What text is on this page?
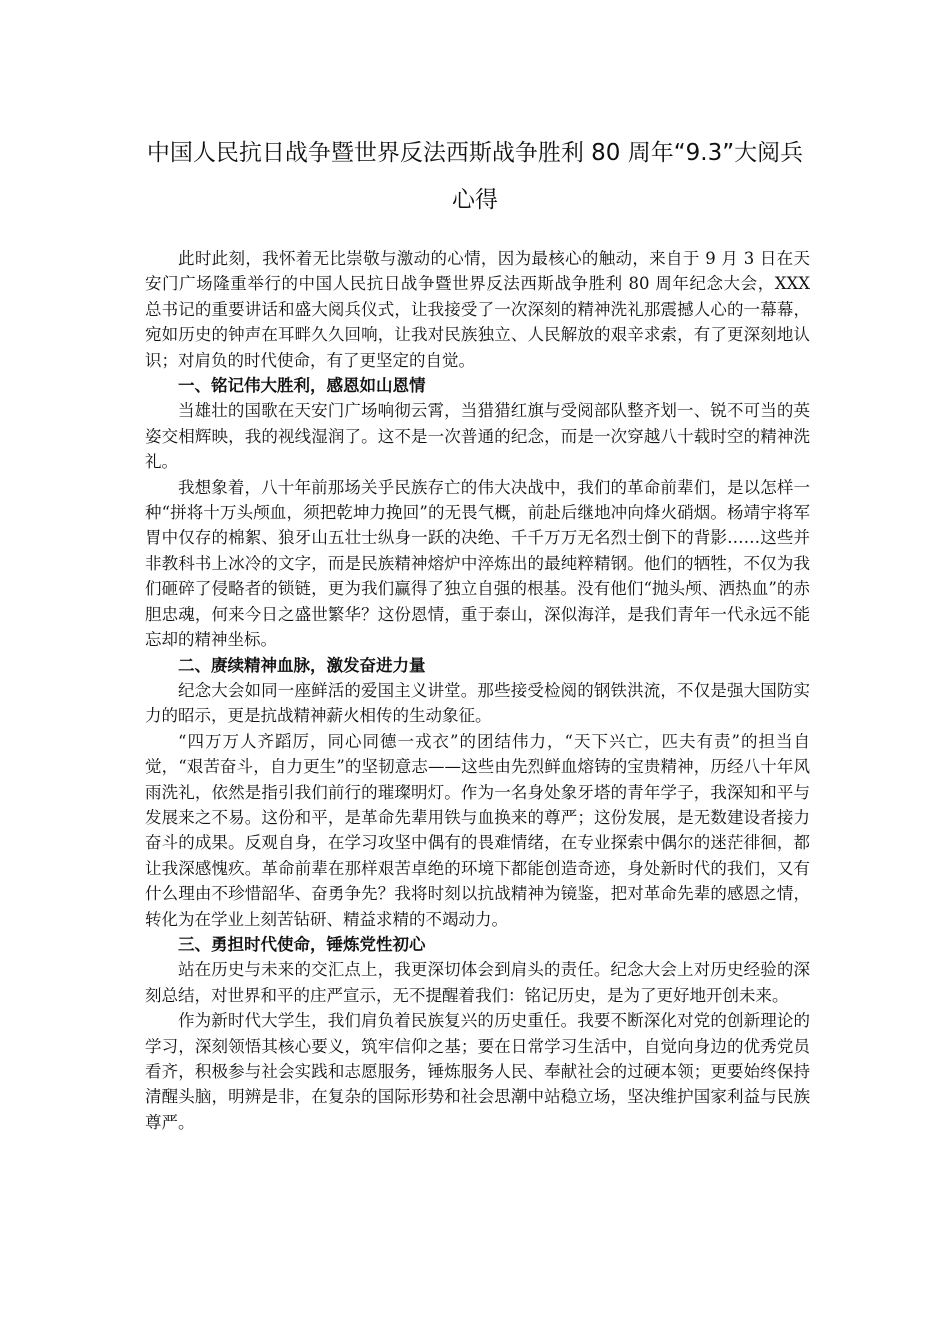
中国人民抗日战争暨世界反法西斯战争胜利 80 周年“9.3”大阅兵
心得

此时此刻，我怀着无比崇敬与激动的心情，因为最核心的触动，来自于 9 月 3 日在天安门广场隆重举行的中国人民抗日战争暨世界反法西斯战争胜利 80 周年纪念大会，XXX 总书记的重要讲话和盛大阅兵仪式，让我接受了一次深刻的精神洗礼那震撼人心的一幕幕，宛如历史的钟声在耳畔久久回响，让我对民族独立、人民解放的艰辛求索，有了更深刻地认识；对肩负的时代使命，有了更坚定的自觉。

一、铭记伟大胜利，感恩如山恩情

当雄壮的国歌在天安门广场响彻云霄，当猎猎红旗与受阅部队整齐划一、锐不可当的英姿交相辉映，我的视线湿润了。这不是一次普通的纪念，而是一次穿越八十载时空的精神洗礼。

我想象着，八十年前那场关乎民族存亡的伟大决战中，我们的革命前辈们，是以怎样一种“拼将十万头颅血，须把乾坤力挽回”的无畏气概，前赴后继地冲向烽火硝烟。杨靖宇将军胃中仅存的棉絮、狼牙山五壮士纵身一跃的决绝、千千万万无名烈士倒下的背影……这些并非教科书上冰冷的文字，而是民族精神熔炉中淬炼出的最纯粹精钢。他们的牺牲，不仅为我们砸碎了侵略者的锁链，更为我们赢得了独立自强的根基。没有他们“抛头颅、洒热血”的赤胆忠魂，何来今日之盛世繁华？这份恩情，重于泰山，深似海洋，是我们青年一代永远不能忘却的精神坐标。

二、赓续精神血脉，激发奋进力量

纪念大会如同一座鲜活的爱国主义讲堂。那些接受检阅的钢铁洪流，不仅是强大国防实力的昭示，更是抗战精神薪火相传的生动象征。

“四万万人齐蹈厉，同心同德一戎衣”的团结伟力，“天下兴亡，匹夫有责”的担当自觉，“艰苦奋斗，自力更生”的坚韧意志——这些由先烈鲜血熔铸的宝贵精神，历经八十年风雨洗礼，依然是指引我们前行的璀璨明灯。作为一名身处象牙塔的青年学子，我深知和平与发展来之不易。这份和平，是革命先辈用铁与血换来的尊严；这份发展，是无数建设者接力奋斗的成果。反观自身，在学习攻坚中偶有的畏难情绪，在专业探索中偶尔的迷茫徘徊，都让我深感愧疚。革命前辈在那样艰苦卓绝的环境下都能创造奇迹，身处新时代的我们，又有什么理由不珍惜韶华、奋勇争先？我将时刻以抗战精神为镜鉴，把对革命先辈的感恩之情，转化为在学业上刻苦钻研、精益求精的不竭动力。

三、勇担时代使命，锤炼党性初心

站在历史与未来的交汇点上，我更深切体会到肩头的责任。纪念大会上对历史经验的深刻总结，对世界和平的庄严宣示，无不提醒着我们：铭记历史，是为了更好地开创未来。

作为新时代大学生，我们肩负着民族复兴的历史重任。我要不断深化对党的创新理论的学习，深刻领悟其核心要义，筑牢信仰之基；要在日常学习生活中，自觉向身边的优秀党员看齐，积极参与社会实践和志愿服务，锤炼服务人民、奉献社会的过硬本领；更要始终保持清醒头脑，明辨是非，在复杂的国际形势和社会思潮中站稳立场，坚决维护国家利益与民族尊严。
